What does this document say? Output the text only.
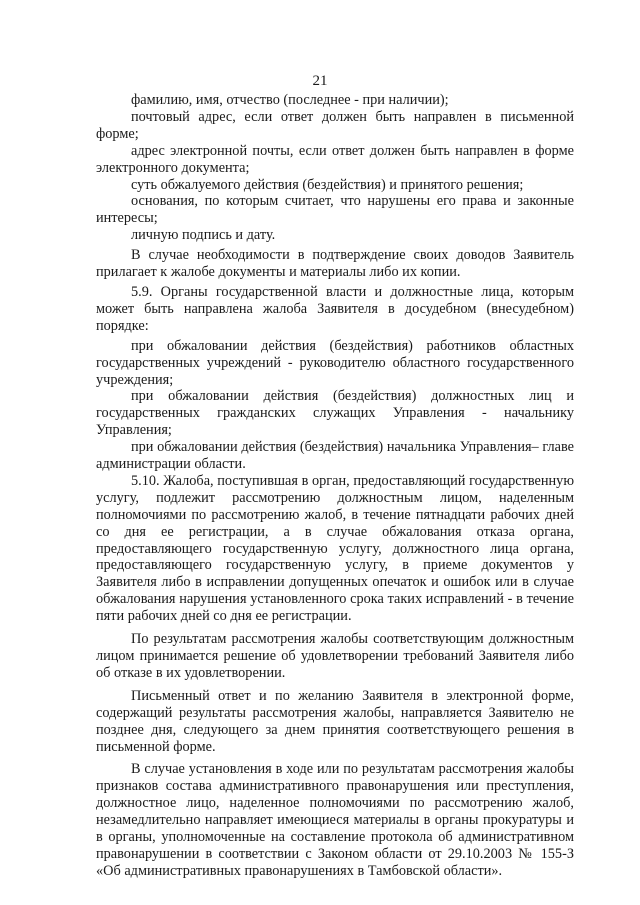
21

фамилию, имя, отчество (последнее - при наличии);

почтовый адрес, если ответ должен быть направлен в письменной форме;

адрес электронной почты, если ответ должен быть направлен в форме электронного документа;

суть обжалуемого действия (бездействия) и принятого решения;

основания, по которым считает, что нарушены его права и законные интересы;

личную подпись и дату.

В случае необходимости в подтверждение своих доводов Заявитель прилагает к жалобе документы и материалы либо их копии.

5.9. Органы государственной власти и должностные лица, которым может быть направлена жалоба Заявителя в досудебном (внесудебном) порядке:

при обжаловании действия (бездействия) работников областных государственных учреждений - руководителю областного государственного учреждения;

при обжаловании действия (бездействия) должностных лиц и государственных гражданских служащих Управления - начальнику Управления;

при обжаловании действия (бездействия) начальника Управления– главе администрации области.

5.10. Жалоба, поступившая в орган, предоставляющий государственную услугу, подлежит рассмотрению должностным лицом, наделенным полномочиями по рассмотрению жалоб, в течение пятнадцати рабочих дней со дня ее регистрации, а в случае обжалования отказа органа, предоставляющего государственную услугу, должностного лица органа, предоставляющего государственную услугу, в приеме документов у Заявителя либо в исправлении допущенных опечаток и ошибок или в случае обжалования нарушения установленного срока таких исправлений - в течение пяти рабочих дней со дня ее регистрации.

По результатам рассмотрения жалобы соответствующим должностным лицом принимается решение об удовлетворении требований Заявителя либо об отказе в их удовлетворении.

Письменный ответ и по желанию Заявителя в электронной форме, содержащий результаты рассмотрения жалобы, направляется Заявителю не позднее дня, следующего за днем принятия соответствующего решения в письменной форме.

В случае установления в ходе или по результатам рассмотрения жалобы признаков состава административного правонарушения или преступления, должностное лицо, наделенное полномочиями по рассмотрению жалоб, незамедлительно направляет имеющиеся материалы в органы прокуратуры и в органы, уполномоченные на составление протокола об административном правонарушении в соответствии с Законом области от 29.10.2003 № 155-З «Об административных правонарушениях в Тамбовской области».
